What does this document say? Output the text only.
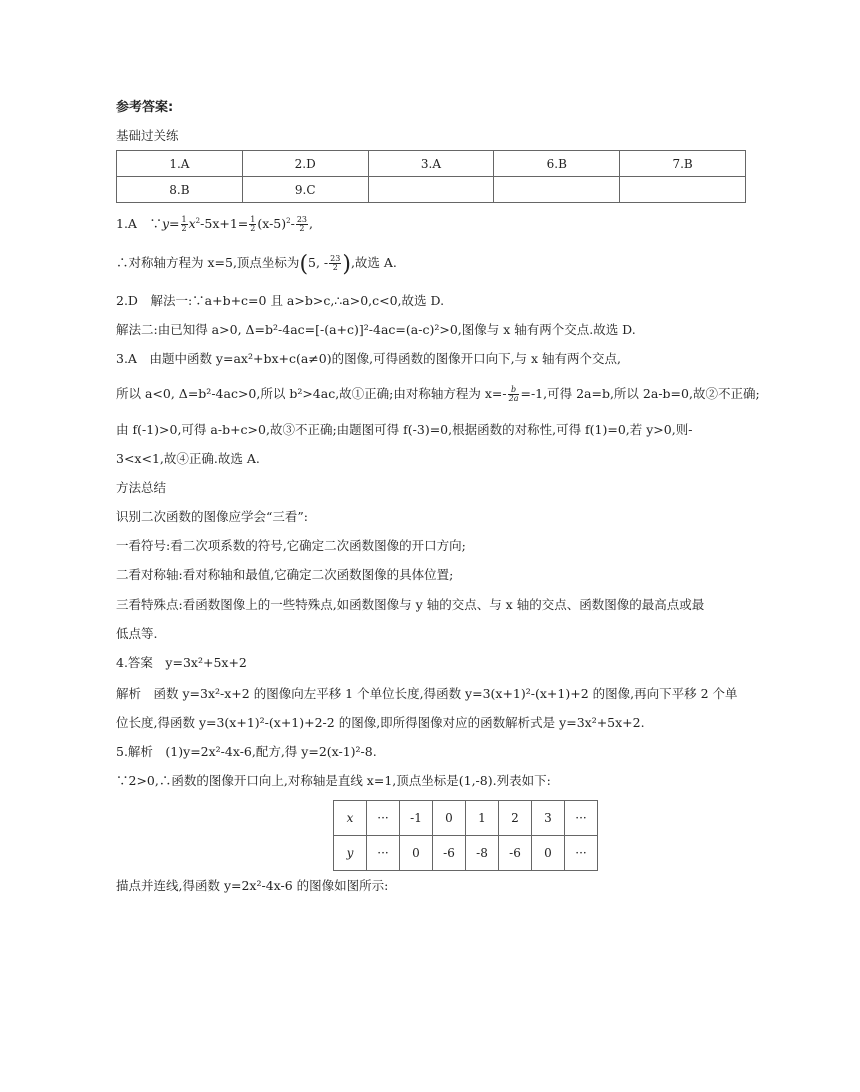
参考答案:
基础过关练
1.A	2.D	3.A	6.B	7.B
8.B	9.C			
1.A　∵y= $\frac{1}{2} x^2-5x+1= \frac{1}{2} (x-5)^2- \frac{23}{2}$ ,
∴对称轴方程为 x=5,顶点坐标为(5, - $\frac{23}{2}$ ),故选 A.
2.D　解法一:∵a+b+c=0 且 a>b>c,∴a>0,c<0,故选 D.
解法二:由已知得 a>0, Δ=b²-4ac=[-(a+c)]²-4ac=(a-c)²>0,图像与 x 轴有两个交点.故选 D.
3.A　由题中函数 y=ax²+bx+c(a≠0)的图像,可得函数的图像开口向下,与 x 轴有两个交点,
所以 a<0, Δ=b²-4ac>0,所以 b²>4ac,故①正确;由对称轴方程为 $x=- \frac{b}{2a} =-1$,可得 2a=b,所以 2a-b=0,故②不正确;
由 f(-1)>0,可得 a-b+c>0,故③不正确;由题图可得 f(-3)=0,根据函数的对称性,可得 f(1)=0,若 y>0,则-
3<x<1,故④正确.故选 A.
方法总结
识别二次函数的图像应学会“三看”:
一看符号:看二次项系数的符号,它确定二次函数图像的开口方向;
二看对称轴:看对称轴和最值,它确定二次函数图像的具体位置;
三看特殊点:看函数图像上的一些特殊点,如函数图像与 y 轴的交点、与 x 轴的交点、函数图像的最高点或最
低点等.
4.答案　y=3x²+5x+2
解析　函数 y=3x²-x+2 的图像向左平移 1 个单位长度,得函数 y=3(x+1)²-(x+1)+2 的图像,再向下平移 2 个单
位长度,得函数 y=3(x+1)²-(x+1)+2-2 的图像,即所得图像对应的函数解析式是 y=3x²+5x+2.
5.解析　(1)y=2x²-4x-6,配方,得 y=2(x-1)²-8.
∵2>0,∴函数的图像开口向上,对称轴是直线 x=1,顶点坐标是(1,-8).列表如下:
x	···	-1	0	1	2	3	···
y	···	0	-6	-8	-6	0	···
描点并连线,得函数 y=2x²-4x-6 的图像如图所示:
